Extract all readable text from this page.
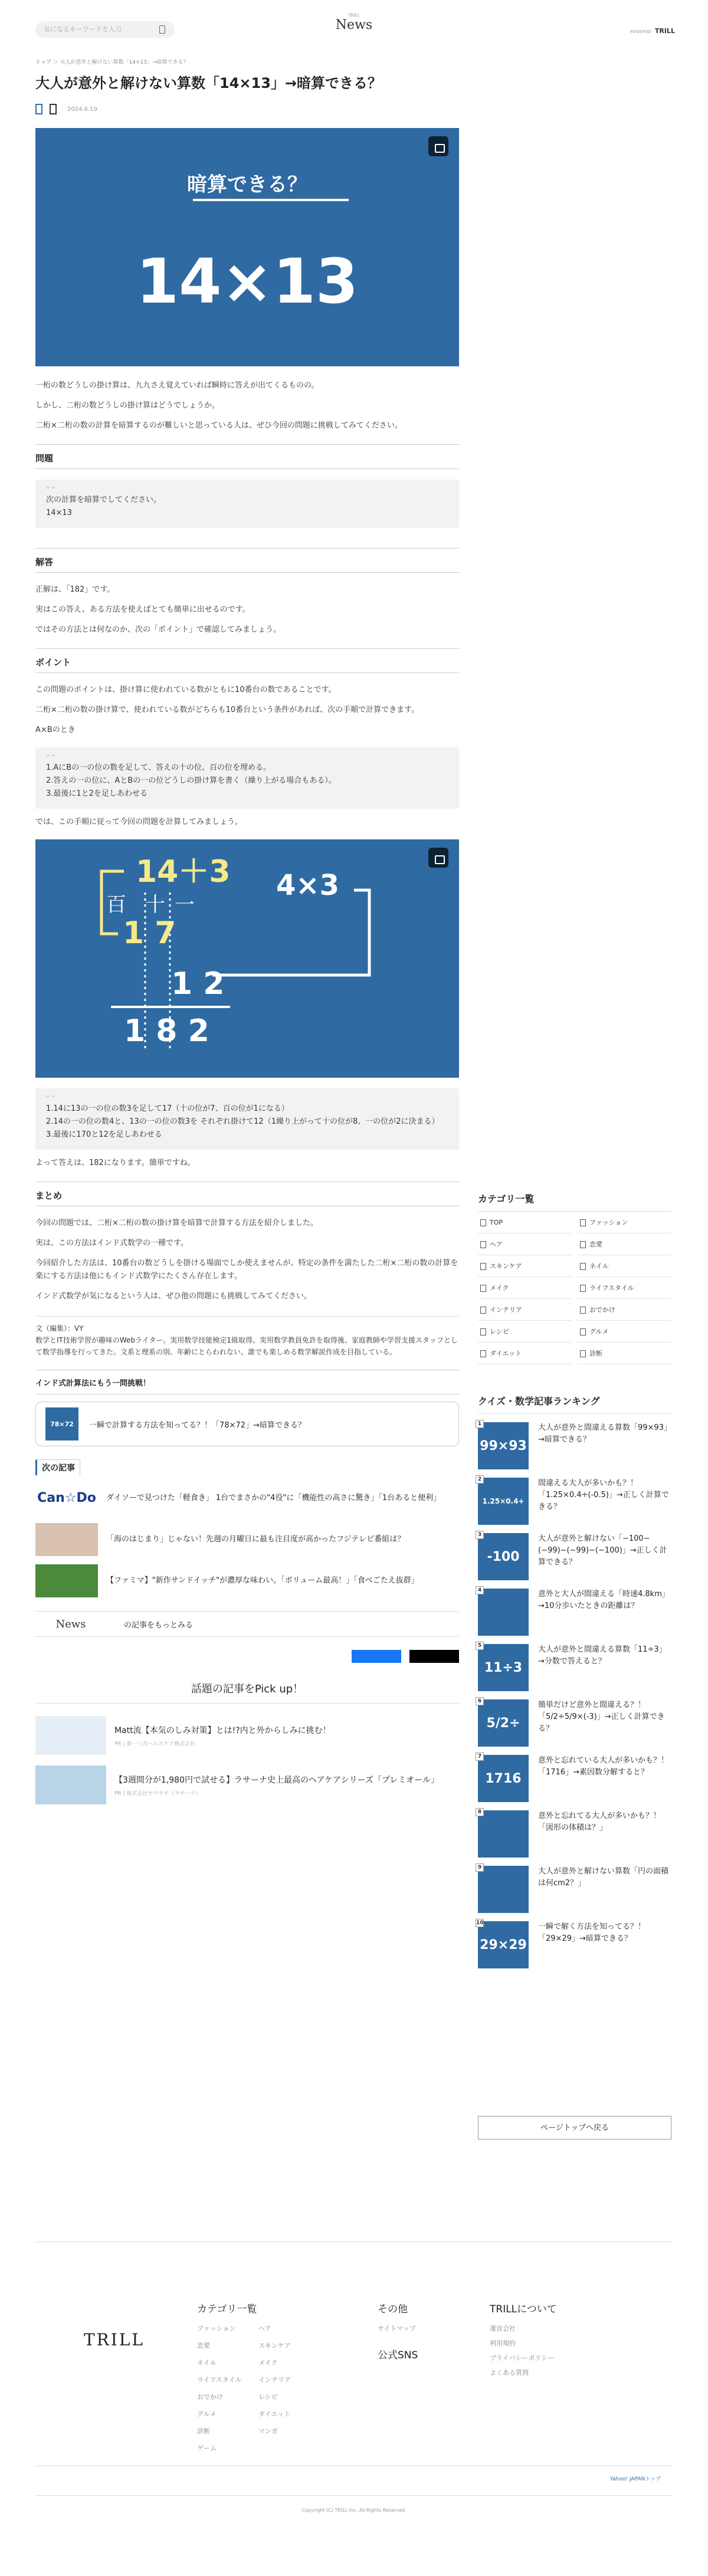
気になるキーワードを入力
TRILL
News	POWERED TRILL
トップ ＞ 大人が意外と解けない算数「14×13」→暗算できる？
大人が意外と解けない算数「14×13」→暗算できる？
2024.6.19
暗算できる？
14×13

一桁の数どうしの掛け算は、九九さえ覚えていれば瞬時に答えが出てくるものの。

しかし、二桁の数どうしの掛け算はどうでしょうか。

二桁×二桁の数の計算を暗算するのが難しいと思っている人は、ぜひ今回の問題に挑戦してみてください。

問題
“ ”
次の計算を暗算でしてください。
14×13
解答

正解は、「182」です。

実はこの答え、ある方法を使えばとても簡単に出せるのです。

ではその方法とは何なのか、次の「ポイント」で確認してみましょう。

ポイント

この問題のポイントは、掛け算に使われている数がともに10番台の数であることです。

二桁×二桁の数の掛け算で、使われている数がどちらも10番台という条件があれば、次の手順で計算できます。

A×Bのとき

“ ”
1.AにBの一の位の数を足して、答えの十の位、百の位を埋める。
2.答えの一の位に、AとBの一の位どうしの掛け算を書く（繰り上がる場合もある）。
3.最後に1と2を足しあわせる

では、この手順に従って今回の問題を計算してみましょう。

14＋3
百 十 一
1 7
1 2
1 8 2
4×3
“ ”
1.14に13の一の位の数3を足して17（十の位が7、百の位が1になる）
2.14の一の位の数4と、13の一の位の数3を それぞれ掛けて12（1繰り上がって十の位が8、一の位が2に決まる）
3.最後に170と12を足しあわせる

よって答えは、182になります。簡単ですね。

まとめ

今回の問題では、二桁×二桁の数の掛け算を暗算で計算する方法を紹介しました。

実は、この方法はインド式数学の一種です。

今回紹介した方法は、10番台の数どうしを掛ける場面でしか使えませんが、特定の条件を満たした二桁×二桁の数の計算を楽にする方法は他にもインド式数学にたくさん存在します。

インド式数学が気になるという人は、ぜひ他の問題にも挑戦してみてください。

文（編集）：VY
数学とIT技術学習が趣味のWebライター。実用数学技能検定1級取得、実用数学教員免許を取得後、家庭教師や学習支援スタッフとして数学指導を行ってきた。文系と理系の別、年齢にとらわれない、誰でも楽しめる数学解説作成を目指している。
インド式計算法にもう一問挑戦！
78×72	一瞬で計算する方法を知ってる？！「78×72」→暗算できる？
次の記事
Can☆Do ダイソーで見つけた「軽食き」 1台でまさかの"4役"に「機能性の高さに驚き」「1台あると便利」
「海のはじまり」じゃない！先週の月曜日に最も注目度が高かったフジテレビ番組は？
【ファミマ】"新作サンドイッチ"が濃厚な味わい。「ボリューム最高！」「食べごたえ抜群」
News	の記事をもっとみる
話題の記事をPick up！
Matt流【本気のしみ対策】とは!?内と外からしみに挑む！
PR | 第一三共ヘルスケア株式会社
【3週間分が1,980円で試せる】ラサーナ史上最高のヘアケアシリーズ「プレミオール」
PR | 株式会社ヤマサキ（ラサーナ）
カテゴリ一覧
TOP	ファッション
ヘア	恋愛
スキンケア	ネイル
メイク	ライフスタイル
インテリア	おでかけ
レシピ	グルメ
ダイエット	診断
クイズ・数学記事ランキング
1
99×93
大人が意外と間違える算数「99×93」→暗算できる？
2
1.25×0.4+
間違える大人が多いかも？！「1.25×0.4÷(-0.5)」→正しく計算できる？
3
-100
大人が意外と解けない「−100−(−99)−(−99)−(−100)」→正しく計算できる？
4	意外と大人が間違える「時速4.8km」→10分歩いたときの距離は？
5
11÷3
大人が意外と間違える算数「11÷3」→分数で答えると？
6
5/2÷
簡単だけど意外と間違える？！「5/2÷5/9×(-3)」→正しく計算できる？
7
1716
意外と忘れている大人が多いかも？！「1716」→素因数分解すると？
8	意外と忘れてる大人が多いかも？！「図形の体積は？」
9	大人が意外と解けない算数「円の面積は何cm2？」
10
29×29
一瞬で解く方法を知ってる？！「29×29」→暗算できる？
ページトップへ戻る
TRILL
カテゴリ一覧
ファッション	ヘア
恋愛	スキンケア
ネイル	メイク
ライフスタイル	インテリア
おでかけ	レシピ
グルメ	ダイエット
診断	マンガ
ゲーム
その他
サイトマップ
公式SNS
TRILLについて
運営会社
利用規約
プライバシーポリシー
よくある質問
Yahoo! JAPANトップ
Copyright (C) TRILL Inc. All Rights Reserved.
